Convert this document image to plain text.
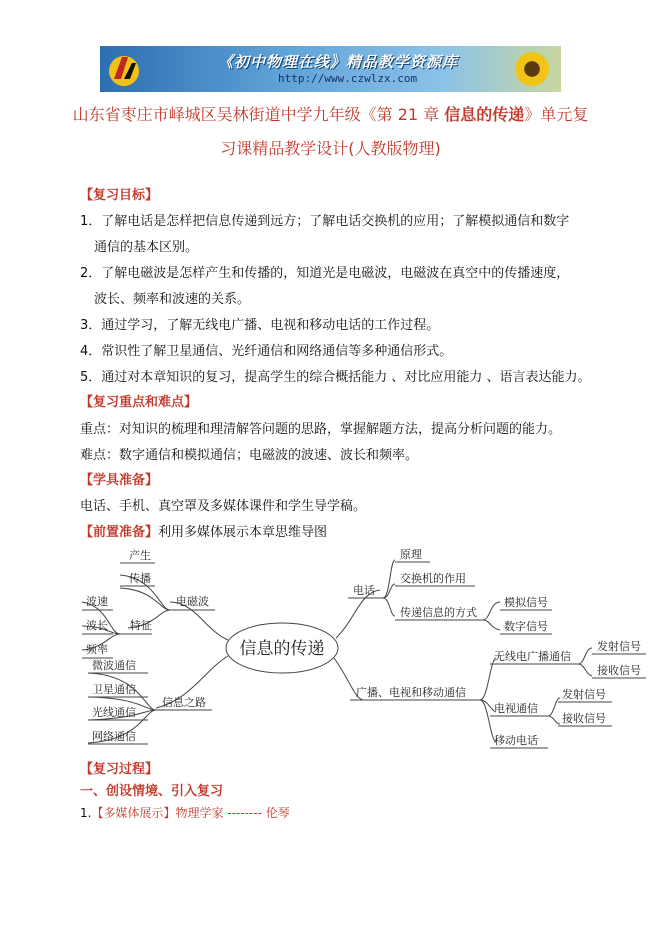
《初中物理在线》精品教学资源库
http://www.czwlzx.com
山东省枣庄市峄城区吴林街道中学九年级《第 21 章 信息的传递》单元复
习课精品教学设计(人教版物理)
【复习目标】
1．了解电话是怎样把信息传递到远方；了解电话交换机的应用；了解模拟通信和数字
通信的基本区别。
2．了解电磁波是怎样产生和传播的，知道光是电磁波，电磁波在真空中的传播速度，
波长、频率和波速的关系。
3．通过学习，了解无线电广播、电视和移动电话的工作过程。
4．常识性了解卫星通信、光纤通信和网络通信等多种通信形式。
5．通过对本章知识的复习，提高学生的综合概括能力 、对比应用能力 、语言表达能力。
【复习重点和难点】
重点：对知识的梳理和理清解答问题的思路，掌握解题方法，提高分析问题的能力。
难点：数字通信和模拟通信；电磁波的波速、波长和频率。
【学具准备】
电话、手机、真空罩及多媒体课件和学生导学稿。
【前置准备】利用多媒体展示本章思维导图
信息的传递
电磁波
产生
传播
特征
波速
波长
频率
信息之路
微波通信
卫星通信
光线通信
网络通信
电话
原理
交换机的作用
传递信息的方式
模拟信号
数字信号
广播、电视和移动通信
无线电广播通信
发射信号
接收信号
电视通信
发射信号
接收信号
移动电话
【复习过程】
一、创设情境、引入复习
1.【多媒体展示】物理学家 -------- 伦琴
